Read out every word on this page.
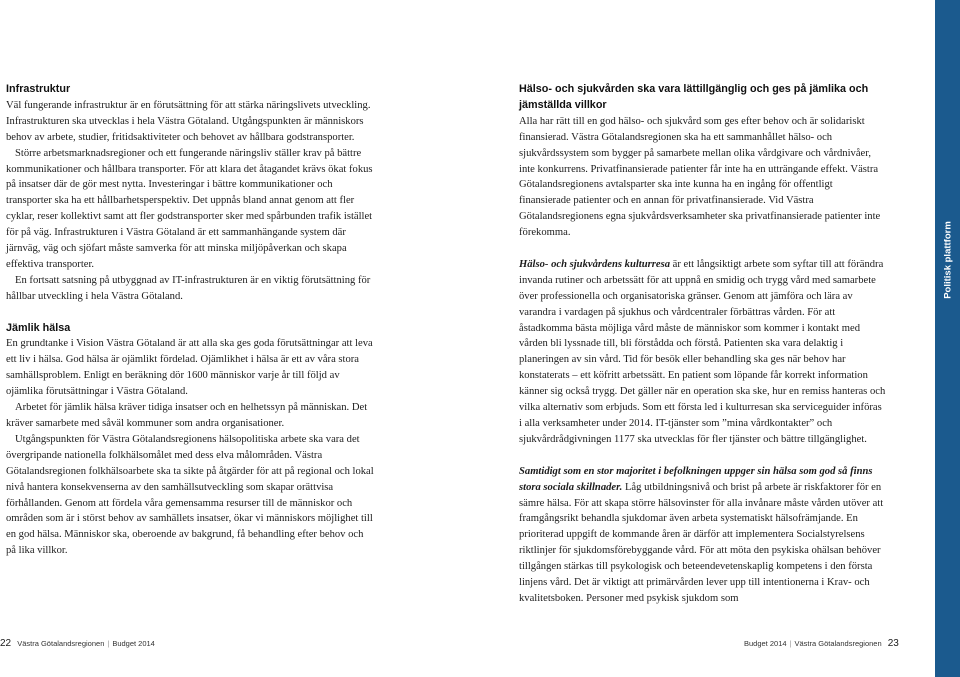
Infrastruktur

Väl fungerande infrastruktur är en förutsättning för att stärka näringslivets utveckling. Infrastrukturen ska utvecklas i hela Västra Götaland. Utgångspunkten är människors behov av arbete, studier, fritidsaktiviteter och behovet av hållbara godstransporter.

Större arbetsmarknadsregioner och ett fungerande näringsliv ställer krav på bättre kommunikationer och hållbara transporter. För att klara det åtagandet krävs ökat fokus på insatser där de gör mest nytta. Investeringar i bättre kommunikationer och transporter ska ha ett hållbarhetsperspektiv. Det uppnås bland annat genom att fler cyklar, reser kollektivt samt att fler godstransporter sker med spårbunden trafik istället för på väg. Infrastrukturen i Västra Götaland är ett sammanhängande system där järnväg, väg och sjöfart måste samverka för att minska miljöpåverkan och skapa effektiva transporter.

En fortsatt satsning på utbyggnad av IT-infrastrukturen är en viktig förutsättning för hållbar utveckling i hela Västra Götaland.

Jämlik hälsa

En grundtanke i Vision Västra Götaland är att alla ska ges goda förutsättningar att leva ett liv i hälsa. God hälsa är ojämlikt fördelad. Ojämlikhet i hälsa är ett av våra stora samhällsproblem. Enligt en beräkning dör 1600 människor varje år till följd av ojämlika förutsättningar i Västra Götaland.

Arbetet för jämlik hälsa kräver tidiga insatser och en helhetssyn på människan. Det kräver samarbete med såväl kommuner som andra organisationer.

Utgångspunkten för Västra Götalandsregionens hälsopolitiska arbete ska vara det övergripande nationella folkhälsomålet med dess elva målområden. Västra Götalandsregionen folkhälsoarbete ska ta sikte på åtgärder för att på regional och lokal nivå hantera konsekvenserna av den samhällsutveckling som skapar orättvisa förhållanden. Genom att fördela våra gemensamma resurser till de människor och områden som är i störst behov av samhällets insatser, ökar vi människors möjlighet till en god hälsa. Människor ska, oberoende av bakgrund, få behandling efter behov och på lika villkor.

Hälso- och sjukvården ska vara lättillgänglig och ges på jämlika och jämställda villkor

Alla har rätt till en god hälso- och sjukvård som ges efter behov och är solidariskt finansierad. Västra Götalandsregionen ska ha ett sammanhållet hälso- och sjukvårdssystem som bygger på samarbete mellan olika vårdgivare och vårdnivåer, inte konkurrens. Privatfinansierade patienter får inte ha en utträngande effekt. Västra Götalandsregionens avtalsparter ska inte kunna ha en ingång för offentligt finansierade patienter och en annan för privatfinansierade. Vid Västra Götalandsregionens egna sjukvårdsverksamheter ska privatfinansierade patienter inte förekomma.

Hälso- och sjukvårdens kulturresa är ett långsiktigt arbete som syftar till att förändra invanda rutiner och arbetssätt för att uppnå en smidig och trygg vård med samarbete över professionella och organisatoriska gränser. Genom att jämföra och lära av varandra i vardagen på sjukhus och vårdcentraler förbättras vården. För att åstadkomma bästa möjliga vård måste de människor som kommer i kontakt med vården bli lyssnade till, bli förstådda och förstå. Patienten ska vara delaktig i planeringen av sin vård. Tid för besök eller behandling ska ges när behov har konstaterats – ett köfritt arbetssätt. En patient som löpande får korrekt information känner sig också trygg. Det gäller när en operation ska ske, hur en remiss hanteras och vilka alternativ som erbjuds. Som ett första led i kulturresan ska serviceguider införas i alla verksamheter under 2014. IT-tjänster som ”mina vårdkontakter” och sjukvårdrådgivningen 1177 ska utvecklas för fler tjänster och bättre tillgänglighet.

Samtidigt som en stor majoritet i befolkningen uppger sin hälsa som god så finns stora sociala skillnader. Låg utbildningsnivå och brist på arbete är riskfaktorer för en sämre hälsa. För att skapa större hälsovinster för alla invånare måste vården utöver att framgångsrikt behandla sjukdomar även arbeta systematiskt hälsofrämjande. En prioriterad uppgift de kommande åren är därför att implementera Socialstyrelsens riktlinjer för sjukdomsförebyggande vård. För att möta den psykiska ohälsan behöver tillgången stärkas till psykologisk och beteendevetenskaplig kompetens i den första linjens vård. Det är viktigt att primärvården lever upp till intentionerna i Krav- och kvalitetsboken. Personer med psykisk sjukdom som

Politisk plattform
22 Västra Götalandsregionen | Budget 2014	Budget 2014 | Västra Götalandsregionen 23
